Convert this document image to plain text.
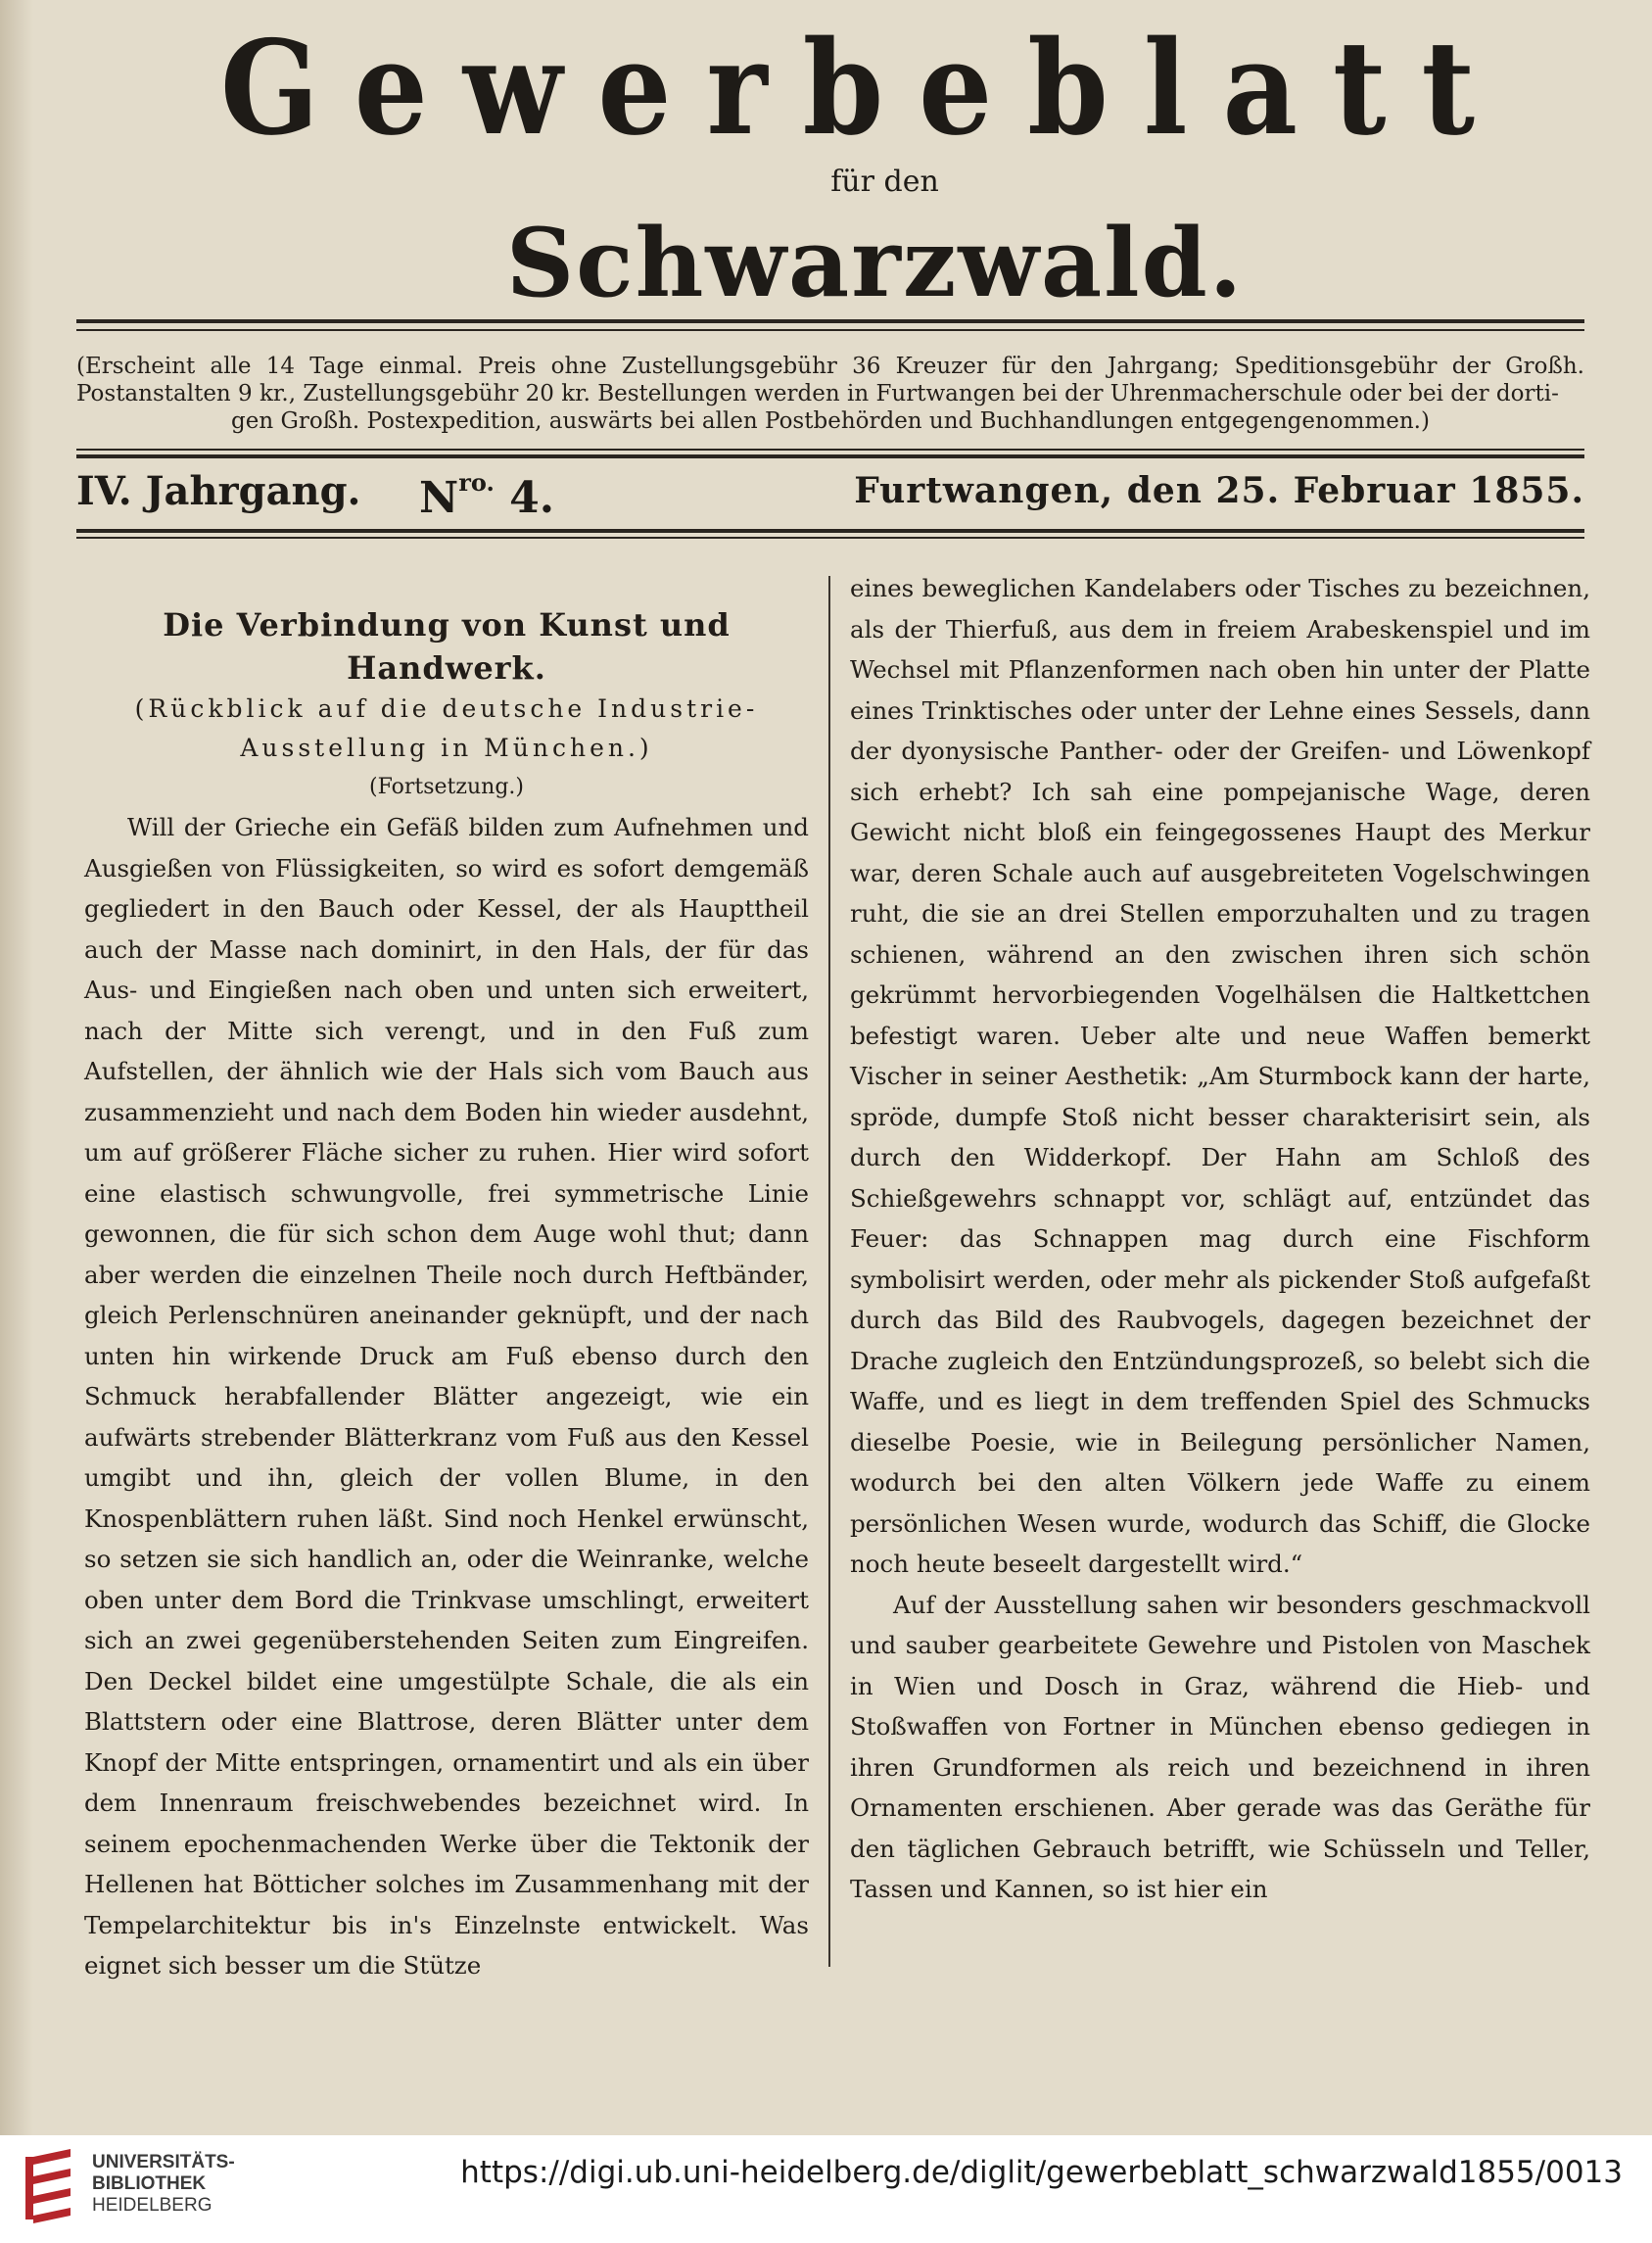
Gewerbeblatt
für den
Schwarzwald.
(Erscheint alle 14 Tage einmal. Preis ohne Zustellungsgebühr 36 Kreuzer für den Jahrgang; Speditionsgebühr der Großh. Postanstalten 9 kr., Zustellungsgebühr 20 kr. Bestellungen werden in Furtwangen bei der Uhrenmacherschule oder bei der dorti-
gen Großh. Postexpedition, auswärts bei allen Postbehörden und Buchhandlungen entgegengenommen.)
IV. Jahrgang. $N^{ro.}$ 4.	Furtwangen, den 25. Februar 1855.
Die Verbindung von Kunst und Handwerk.

(Rückblick auf die deutsche Industrie-Ausstellung in München.)

(Fortsetzung.)

Will der Grieche ein Gefäß bilden zum Aufnehmen und Ausgießen von Flüssigkeiten, so wird es sofort demgemäß gegliedert in den Bauch oder Kessel, der als Haupttheil auch der Masse nach dominirt, in den Hals, der für das Aus- und Eingießen nach oben und unten sich erweitert, nach der Mitte sich verengt, und in den Fuß zum Aufstellen, der ähnlich wie der Hals sich vom Bauch aus zusammenzieht und nach dem Boden hin wieder ausdehnt, um auf größerer Fläche sicher zu ruhen. Hier wird sofort eine elastisch schwungvolle, frei symmetrische Linie gewonnen, die für sich schon dem Auge wohl thut; dann aber werden die einzelnen Theile noch durch Heftbänder, gleich Perlenschnüren aneinander geknüpft, und der nach unten hin wirkende Druck am Fuß ebenso durch den Schmuck herabfallender Blätter angezeigt, wie ein aufwärts strebender Blätterkranz vom Fuß aus den Kessel umgibt und ihn, gleich der vollen Blume, in den Knospenblättern ruhen läßt. Sind noch Henkel erwünscht, so setzen sie sich handlich an, oder die Weinranke, welche oben unter dem Bord die Trinkvase umschlingt, erweitert sich an zwei gegenüberstehenden Seiten zum Eingreifen. Den Deckel bildet eine umgestülpte Schale, die als ein Blattstern oder eine Blattrose, deren Blätter unter dem Knopf der Mitte entspringen, ornamentirt und als ein über dem Innenraum freischwebendes bezeichnet wird. In seinem epochenmachenden Werke über die Tektonik der Hellenen hat Bötticher solches im Zusammenhang mit der Tempelarchitektur bis in's Einzelnste entwickelt. Was eignet sich besser um die Stütze

eines beweglichen Kandelabers oder Tisches zu bezeichnen, als der Thierfuß, aus dem in freiem Arabeskenspiel und im Wechsel mit Pflanzenformen nach oben hin unter der Platte eines Trinktisches oder unter der Lehne eines Sessels, dann der dyonysische Panther- oder der Greifen- und Löwenkopf sich erhebt? Ich sah eine pompejanische Wage, deren Gewicht nicht bloß ein feingegossenes Haupt des Merkur war, deren Schale auch auf ausgebreiteten Vogelschwingen ruht, die sie an drei Stellen emporzuhalten und zu tragen schienen, während an den zwischen ihren sich schön gekrümmt hervorbiegenden Vogelhälsen die Haltkettchen befestigt waren. Ueber alte und neue Waffen bemerkt Vischer in seiner Aesthetik: „Am Sturmbock kann der harte, spröde, dumpfe Stoß nicht besser charakterisirt sein, als durch den Widderkopf. Der Hahn am Schloß des Schießgewehrs schnappt vor, schlägt auf, entzündet das Feuer: das Schnappen mag durch eine Fischform symbolisirt werden, oder mehr als pickender Stoß aufgefaßt durch das Bild des Raubvogels, dagegen bezeichnet der Drache zugleich den Entzündungsprozeß, so belebt sich die Waffe, und es liegt in dem treffenden Spiel des Schmucks dieselbe Poesie, wie in Beilegung persönlicher Namen, wodurch bei den alten Völkern jede Waffe zu einem persönlichen Wesen wurde, wodurch das Schiff, die Glocke noch heute beseelt dargestellt wird.“

Auf der Ausstellung sahen wir besonders geschmackvoll und sauber gearbeitete Gewehre und Pistolen von Maschek in Wien und Dosch in Graz, während die Hieb- und Stoßwaffen von Fortner in München ebenso gediegen in ihren Grundformen als reich und bezeichnend in ihren Ornamenten erschienen. Aber gerade was das Geräthe für den täglichen Gebrauch betrifft, wie Schüsseln und Teller, Tassen und Kannen, so ist hier ein

UNIVERSITÄTS-
BIBLIOTHEK
HEIDELBERG
https://digi.ub.uni-heidelberg.de/diglit/gewerbeblatt_schwarzwald1855/0013
